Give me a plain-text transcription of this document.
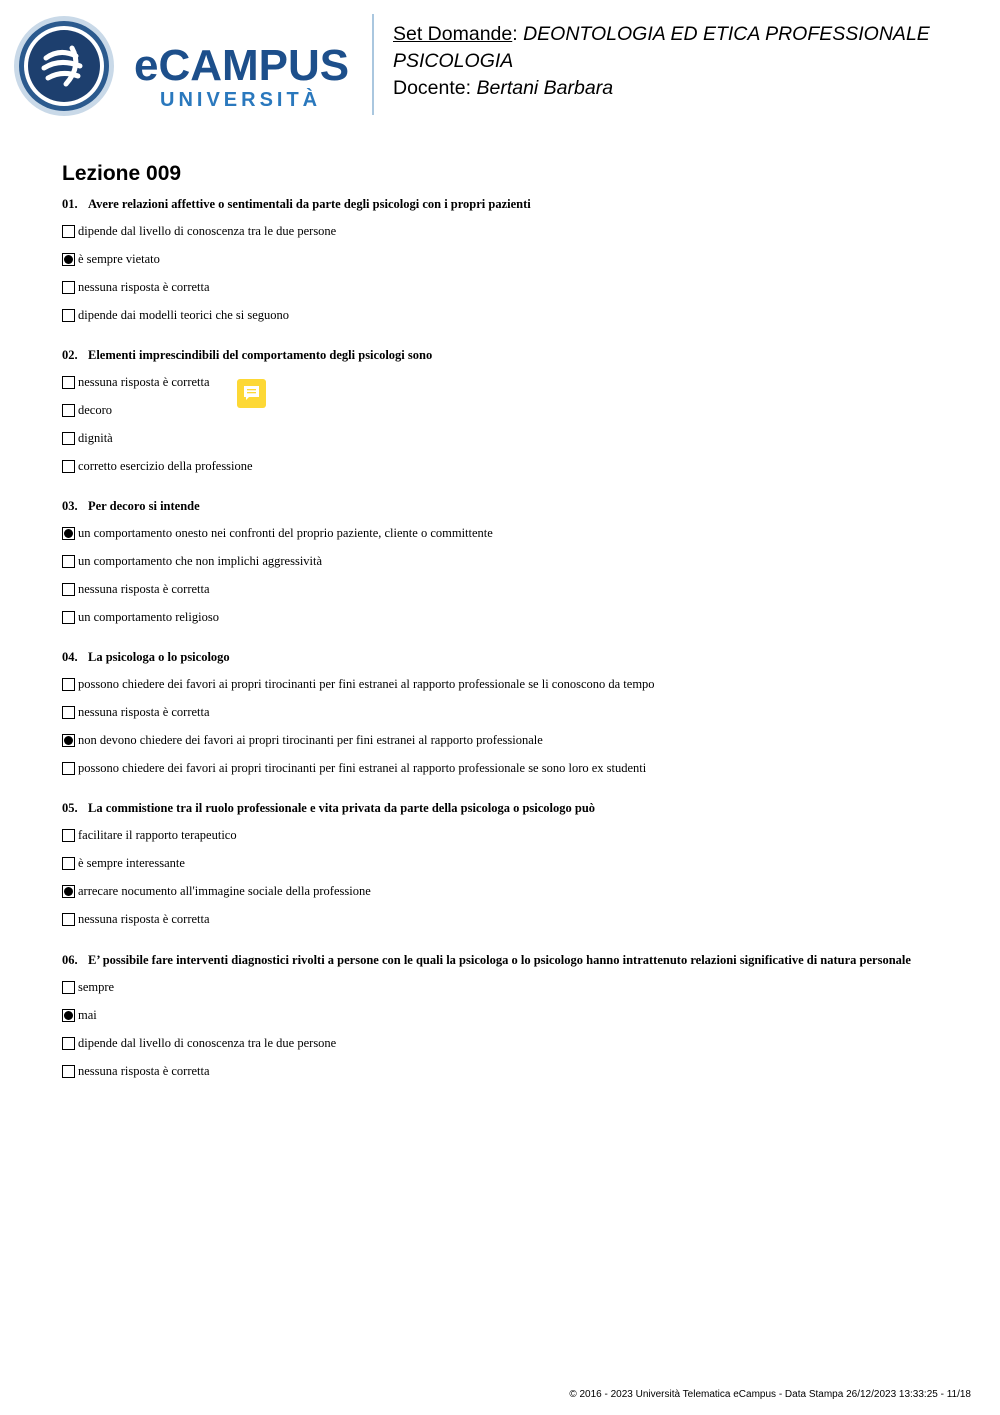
eCAMPUS
UNIVERSITÀ
Set Domande: DEONTOLOGIA ED ETICA PROFESSIONALE
PSICOLOGIA
Docente: Bertani Barbara
Lezione 009
01. Avere relazioni affettive o sentimentali da parte degli psicologi con i propri pazienti
dipende dal livello di conoscenza tra le due persone
è sempre vietato
nessuna risposta è corretta
dipende dai modelli teorici che si seguono
02. Elementi imprescindibili del comportamento degli psicologi sono
nessuna risposta è corretta
decoro
dignità
corretto esercizio della professione
03. Per decoro si intende
un comportamento onesto nei confronti del proprio paziente, cliente o committente
un comportamento che non implichi aggressività
nessuna risposta è corretta
un comportamento religioso
04. La psicologa o lo psicologo
possono chiedere dei favori ai propri tirocinanti per fini estranei al rapporto professionale se li conoscono da tempo
nessuna risposta è corretta
non devono chiedere dei favori ai propri tirocinanti per fini estranei al rapporto professionale
possono chiedere dei favori ai propri tirocinanti per fini estranei al rapporto professionale se sono loro ex studenti
05. La commistione tra il ruolo professionale e vita privata da parte della psicologa o psicologo può
facilitare il rapporto terapeutico
è sempre interessante
arrecare nocumento all'immagine sociale della professione
nessuna risposta è corretta
06. E’ possibile fare interventi diagnostici rivolti a persone con le quali la psicologa o lo psicologo hanno intrattenuto relazioni significative di natura personale
sempre
mai
dipende dal livello di conoscenza tra le due persone
nessuna risposta è corretta
© 2016 - 2023 Università Telematica eCampus - Data Stampa 26/12/2023 13:33:25 - 11/18
